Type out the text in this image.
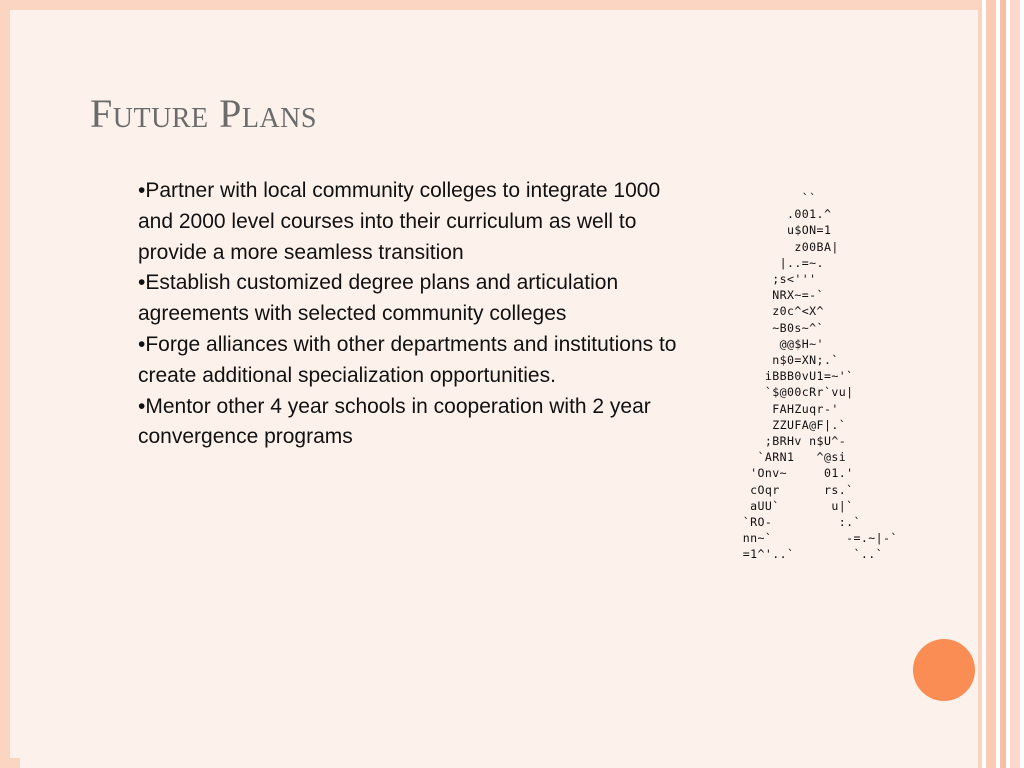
Future Plans
•Partner with local community colleges to integrate 1000 and 2000 level courses into their curriculum as well to provide a more seamless transition
•Establish customized degree plans and articulation agreements with selected community colleges
•Forge alliances with other departments and institutions to create additional specialization opportunities.
•Mentor other 4 year schools in cooperation with 2 year convergence programs
``
.001.^
u$ON=1
z00BA|
|..=~.
;s<'''
NRX~=-`
z0c^<X^
~B0s~^`
@@$H~'
n$0=XN;.`
iBBB0vU1=~'`
`$@00cRr`vu|
FAHZuqr-'
ZZUFA@F|.`
;BRHv n$U^-
`ARN1   ^@si
'Onv~     01.'
cOqr      rs.`
aUU`       u|`
`RO-         :.`
nn~`          -=.~|-`
=1^'..`        `..`
